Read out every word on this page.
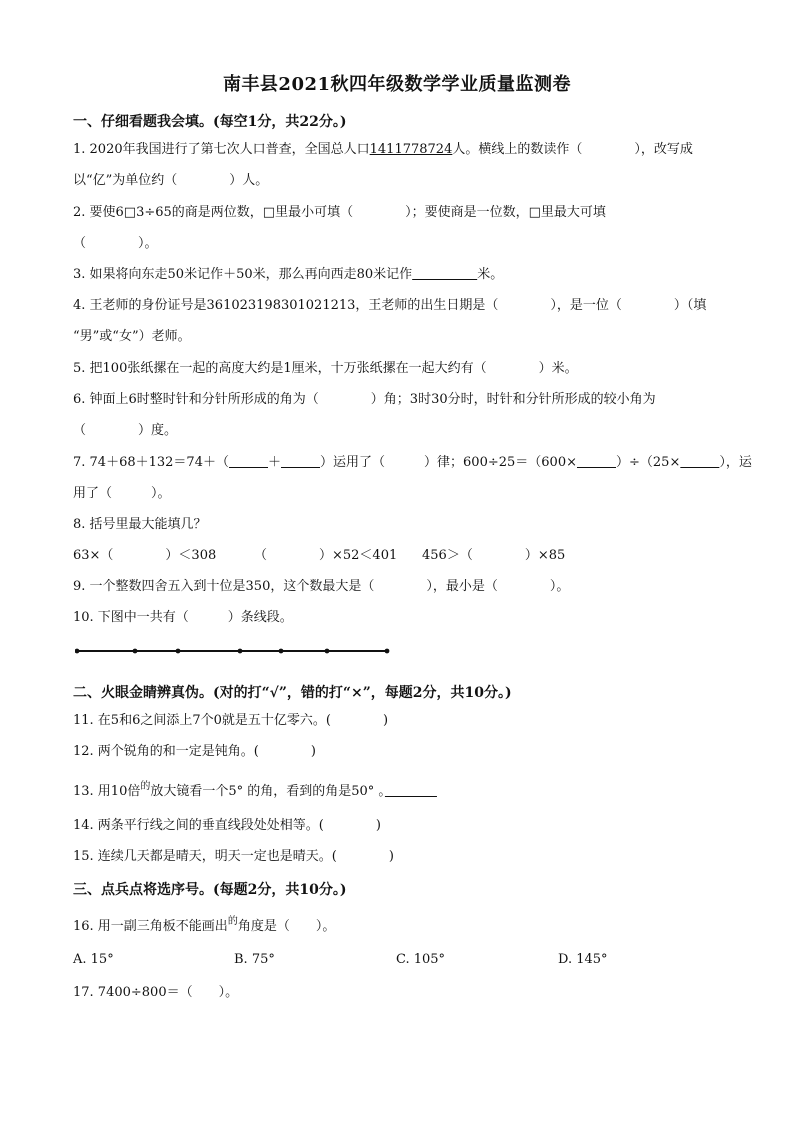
南丰县2021秋四年级数学学业质量监测卷
一、仔细看题我会填。(每空1分，共22分。)
1. 2020年我国进行了第七次人口普查，全国总人口1411778724人。横线上的数读作（　　　　），改写成
以“亿”为单位约（　　　　）人。
2. 要使6□3÷65的商是两位数，□里最小可填（　　　　）；要使商是一位数，□里最大可填
（　　　　）。
3. 如果将向东走50米记作＋50米，那么再向西走80米记作　　　　　	米。
4. 王老师的身份证号是361023198301021213，王老师的出生日期是（　　　　），是一位（　　　　）（填
“男”或“女”）老师。
5. 把100张纸摞在一起的高度大约是1厘米，十万张纸摞在一起大约有（　　　　）米。
6. 钟面上6时整时针和分针所形成的角为（　　　　）角；3时30分时，时针和分针所形成的较小角为
（　　　　）度。
7. 74＋68＋132＝74＋（　　　	＋　　　	）运用了（　　　）律；600÷25＝（600×　　　	）÷（25×　　　	），运
用了（　　　）。
8. 括号里最大能填几？
63×（　　　　）＜308	（　　　　）×52＜401 456＞（　　　　）×85
9. 一个整数四舍五入到十位是350，这个数最大是（　　　　），最小是（　　　　）。
10. 下图中一共有（　　　）条线段。
二、火眼金睛辨真伪。(对的打“√”，错的打“×”，每题2分，共10分。)
11. 在5和6之间添上7个0就是五十亿零六。(　　　　)
12. 两个锐角的和一定是钝角。(　　　　)
13. 用10倍$^的$放大镜看一个5° 的角，看到的角是50° 。　　　　
14. 两条平行线之间的垂直线段处处相等。(　　　　)
15. 连续几天都是晴天，明天一定也是晴天。(　　　　)
三、点兵点将选序号。(每题2分，共10分。)
16. 用一副三角板不能画出$^的$角度是（　　）。
A. 15°	B. 75°	C. 105°	D. 145°
17. 7400÷800＝（　　）。
